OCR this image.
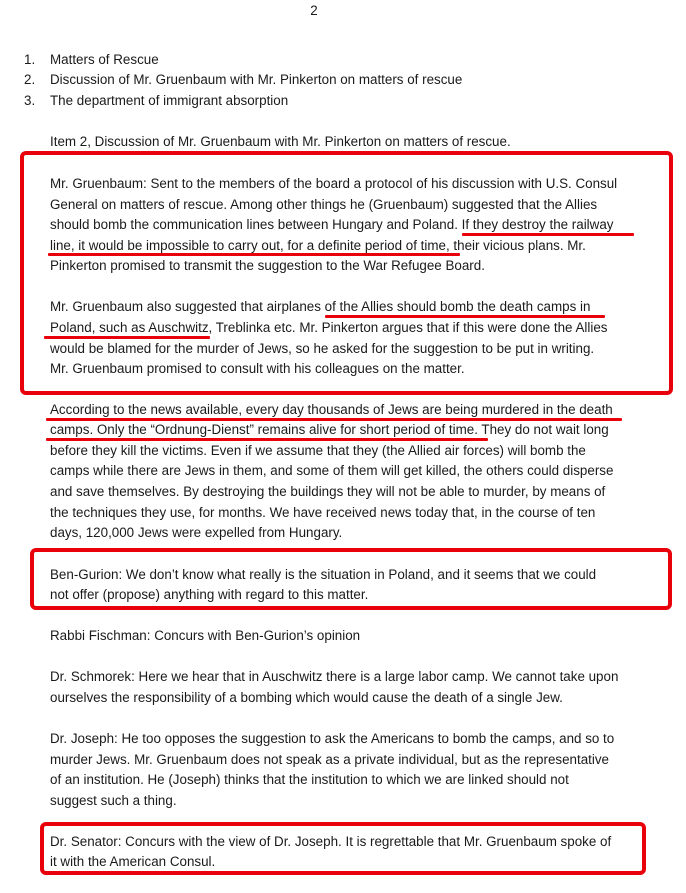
2
1. Matters of Rescue
2. Discussion of Mr. Gruenbaum with Mr. Pinkerton on matters of rescue
3. The department of immigrant absorption
Item 2, Discussion of Mr. Gruenbaum with Mr. Pinkerton on matters of rescue.
Mr. Gruenbaum: Sent to the members of the board a protocol of his discussion with U.S. Consul
General on matters of rescue. Among other things he (Gruenbaum) suggested that the Allies
should bomb the communication lines between Hungary and Poland. If they destroy the railway
line, it would be impossible to carry out, for a definite period of time, their vicious plans. Mr.
Pinkerton promised to transmit the suggestion to the War Refugee Board.
Mr. Gruenbaum also suggested that airplanes of the Allies should bomb the death camps in
Poland, such as Auschwitz, Treblinka etc. Mr. Pinkerton argues that if this were done the Allies
would be blamed for the murder of Jews, so he asked for the suggestion to be put in writing.
Mr. Gruenbaum promised to consult with his colleagues on the matter.
According to the news available, every day thousands of Jews are being murdered in the death
camps. Only the “Ordnung-Dienst” remains alive for short period of time. They do not wait long
before they kill the victims. Even if we assume that they (the Allied air forces) will bomb the
camps while there are Jews in them, and some of them will get killed, the others could disperse
and save themselves. By destroying the buildings they will not be able to murder, by means of
the techniques they use, for months. We have received news today that, in the course of ten
days, 120,000 Jews were expelled from Hungary.
Ben-Gurion: We don’t know what really is the situation in Poland, and it seems that we could
not offer (propose) anything with regard to this matter.
Rabbi Fischman: Concurs with Ben-Gurion’s opinion
Dr. Schmorek: Here we hear that in Auschwitz there is a large labor camp. We cannot take upon
ourselves the responsibility of a bombing which would cause the death of a single Jew.
Dr. Joseph: He too opposes the suggestion to ask the Americans to bomb the camps, and so to
murder Jews. Mr. Gruenbaum does not speak as a private individual, but as the representative
of an institution. He (Joseph) thinks that the institution to which we are linked should not
suggest such a thing.
Dr. Senator: Concurs with the view of Dr. Joseph. It is regrettable that Mr. Gruenbaum spoke of
it with the American Consul.
